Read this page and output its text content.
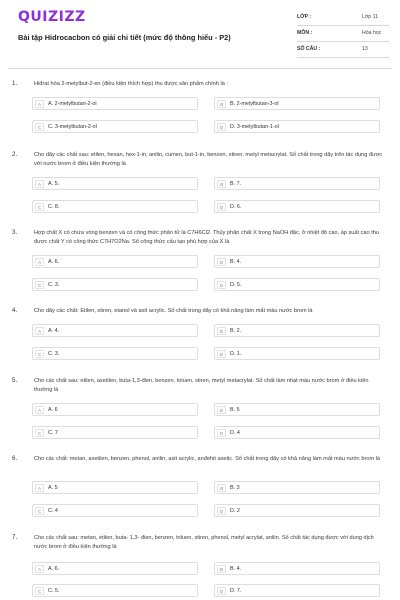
QUIZIZZ
Bài tập Hidrocacbon có giải chi tiết (mức độ thông hiểu - P2)
LỚP :	Lớp 11
MÔN :	Hóa học
SỐ CÂU :	13
1.	Hiđrat hóa 2-metylbut-2-en (điều kiện thích hợp) thu được sản phẩm chính là :
A	A. 2-metylbutan-2-ol	B	B. 2-metylbutan-3-ol
C	C. 3-metylbutan-2-ol	D	D. 3-metylbutan-1-ol
2.	Cho dãy các chất sau: etilen, hexan, hex-1-in, anilin, cumen, but-1-in, benzen, stiren, metyl metacrylat. Số chất trong dãy trên tác dụng được với nước brom ở điều kiện thường là
A	A. 5.	B	B. 7.
C	C. 8.	D	D. 6.
3.	Hợp chất X có chứa vòng benzen và có công thức phân tử là C7H6Cl2. Thủy phân chất X trong NaOH đặc, ở nhiệt độ cao, áp suất cao thu được chất Y có công thức C7H7O2Na. Số công thức cấu tạo phù hợp của X là
A	A. 6.	B	B. 4.
C	C. 3.	D	D. 5.
4.	Cho dãy các chất: Etilen, stiren, etanol và axit acrylic. Số chất trong dãy có khả năng làm mất màu nước brom là
A	A. 4.	B	B. 2.
C	C. 3.	D	D. 1.
5.	Cho các chất sau: etilen, axetilen, buta-1,3-đien, benzen, toluen, stiren, metyl metacrylat. Số chất làm nhạt màu nước brom ở điều kiện thường là
A	A. 6	B	B. 5
C	C. 7	D	D. 4
6.	Cho các chất: metan, axetilen, benzen, phenol, anilin, axit acrylic, anđehit axetic. Số chất trong dãy có khả năng làm mất màu nước brom là
A	A. 5	B	B. 3
C	C. 4	D	D. 2
7.	Cho các chất sau: metan, etilen, buta- 1,3- đien, benzen, toluen, stiren, phenol, metyl acrylat, anilin. Số chất tác dụng được với dung dịch nước brom ở điều kiện thường là
A	A. 6.	B	B. 4.
C	C. 5.	D	D. 7.
